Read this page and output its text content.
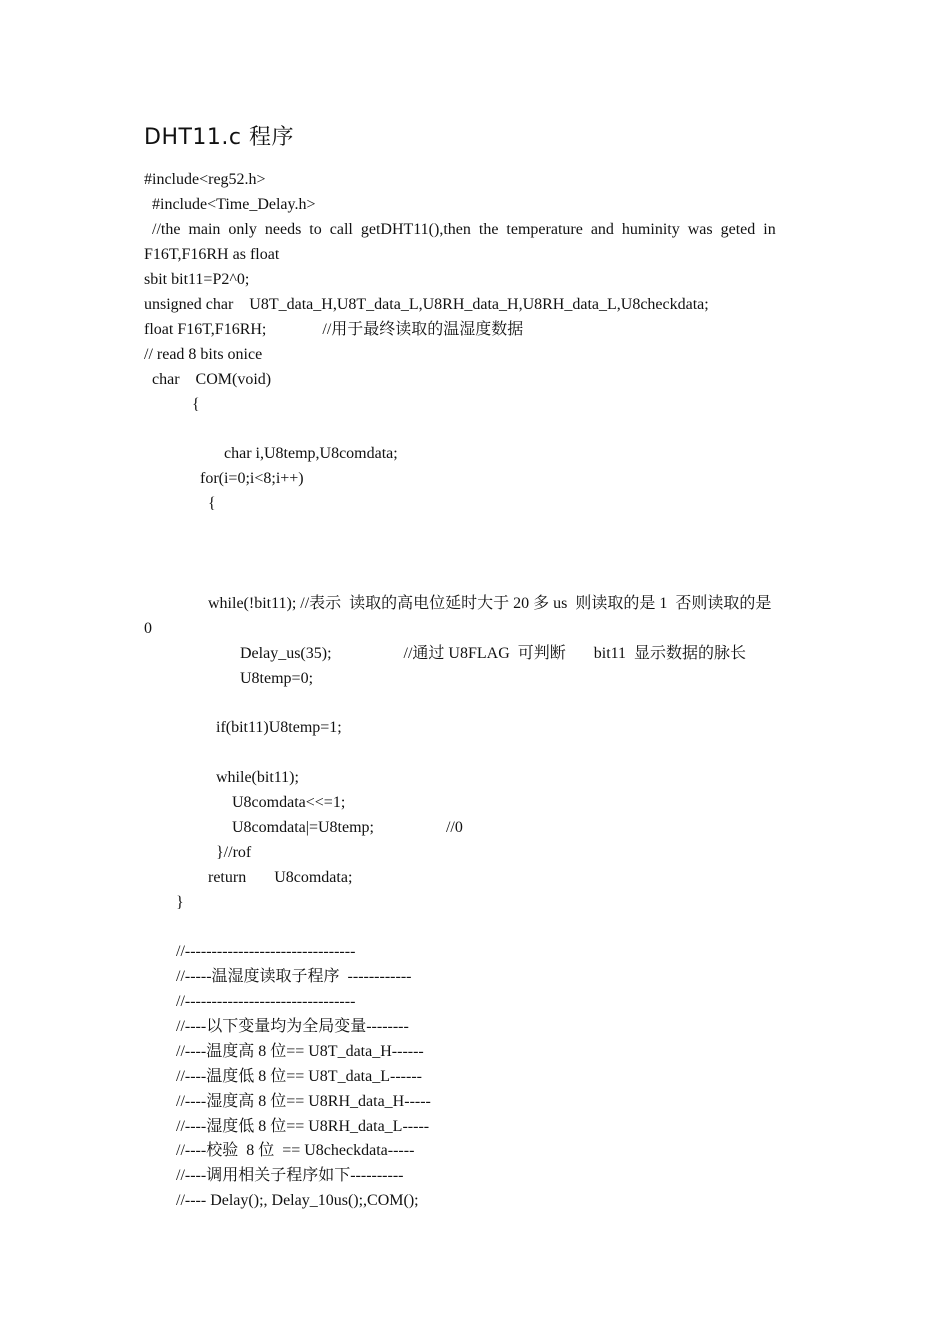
DHT11.c 程序
#include<reg52.h>
#include<Time_Delay.h>
//the  main  only  needs  to  call  getDHT11(),then  the  temperature  and  huminity  was  geted  in
F16T,F16RH as float
sbit bit11=P2^0;
unsigned char    U8T_data_H,U8T_data_L,U8RH_data_H,U8RH_data_L,U8checkdata;
float F16T,F16RH;              //用于最终读取的温湿度数据
// read 8 bits onice
char    COM(void)
{
char i,U8temp,U8comdata;
for(i=0;i<8;i++)
{
while(!bit11); //表示  读取的高电位延时大于 20 多 us  则读取的是 1  否则读取的是
0
Delay_us(35);                  //通过 U8FLAG  可判断       bit11  显示数据的脉长
U8temp=0;
if(bit11)U8temp=1;
while(bit11);
U8comdata<<=1;
U8comdata|=U8temp;                  //0
}//rof
return       U8comdata;
}
//--------------------------------
//-----温湿度读取子程序  ------------
//--------------------------------
//----以下变量均为全局变量--------
//----温度高 8 位== U8T_data_H------
//----温度低 8 位== U8T_data_L------
//----湿度高 8 位== U8RH_data_H-----
//----湿度低 8 位== U8RH_data_L-----
//----校验  8 位  == U8checkdata-----
//----调用相关子程序如下----------
//---- Delay();, Delay_10us();,COM();
